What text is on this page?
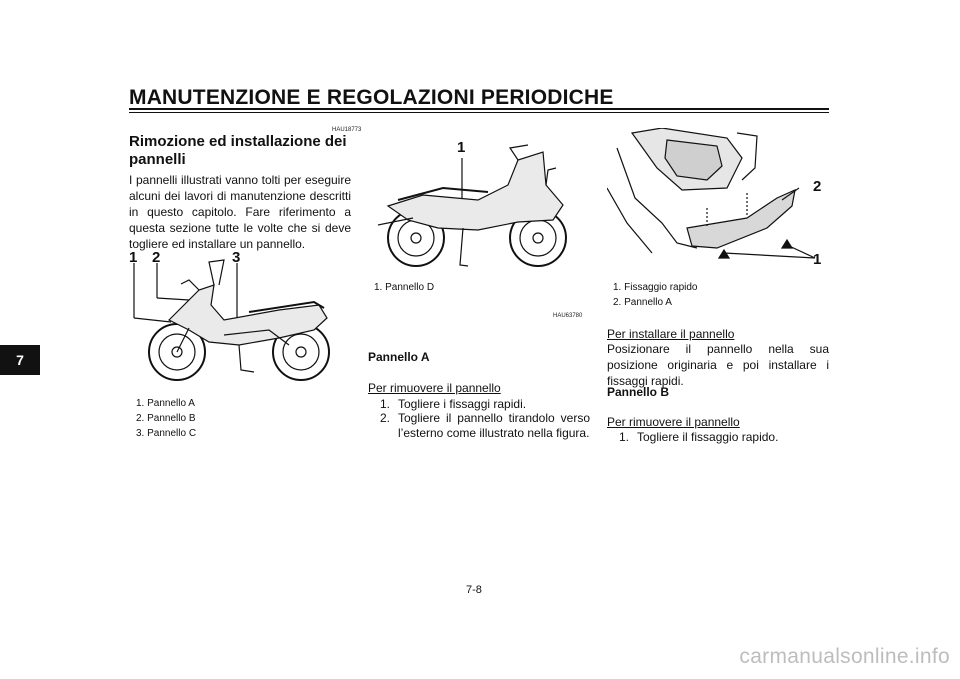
MANUTENZIONE E REGOLAZIONI PERIODICHE
7
HAU18773
Rimozione ed installazione dei pannelli
I pannelli illustrati vanno tolti per eseguire alcuni dei lavori di manutenzione descritti in questo capitolo. Fare riferimento a questa sezione tutte le volte che si deve togliere ed installare un pannello.
1 2	3
1. Pannello A
2. Pannello B
3. Pannello C
1
1. Pannello D
HAU63780
Pannello A
Per rimuovere il pannello
1. Togliere i fissaggi rapidi.
2. Togliere il pannello tirandolo verso l’esterno come illustrato nella figura.
2
1
1. Fissaggio rapido
2. Pannello A
Per installare il pannello
Posizionare il pannello nella sua posizione originaria e poi installare i fissaggi rapidi.
Pannello B
Per rimuovere il pannello
1. Togliere il fissaggio rapido.
7-8
carmanualsonline.info
